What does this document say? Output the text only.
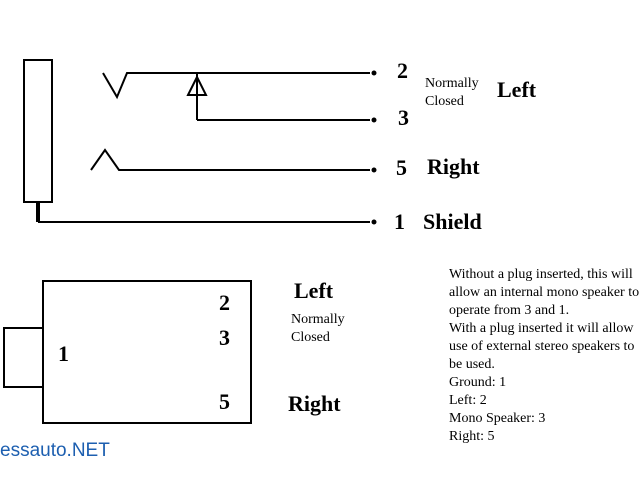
2
3
5
1
Normally
Closed Left
Right
Shield
2
3
5
1
Left
Normally
Closed
Right
Without a plug inserted, this will
allow an internal mono speaker to
operate from 3 and 1.
With a plug inserted it will allow
use of external stereo speakers to
be used.
Ground: 1
Left: 2
Mono Speaker: 3
Right: 5
essauto.NET
